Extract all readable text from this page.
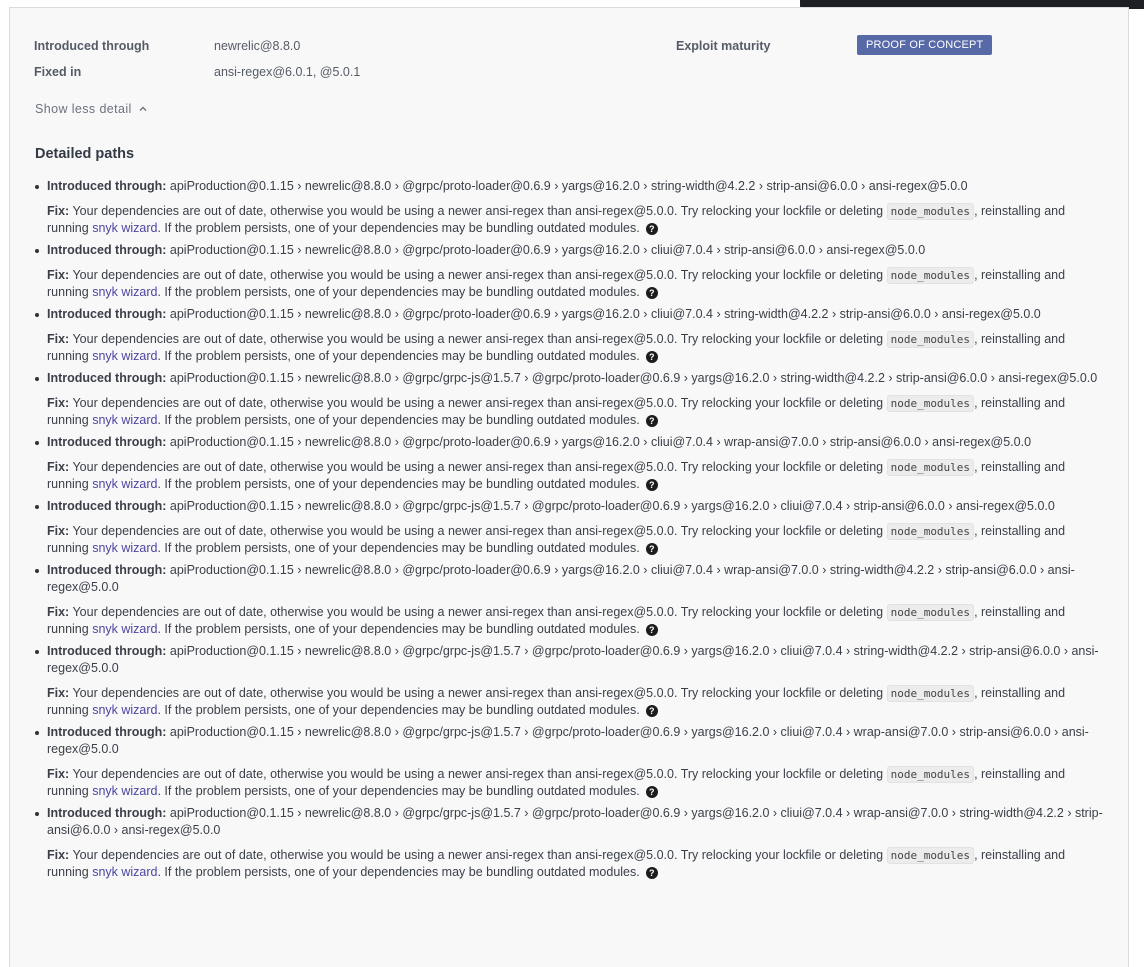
Introduced through	newrelic@8.8.0
Fixed in	ansi-regex@6.0.1, @5.0.1
Exploit maturity	PROOF OF CONCEPT
Show less detail
Detailed paths
Introduced through: apiProduction@0.1.15 › newrelic@8.8.0 › @grpc/proto-loader@0.6.9 › yargs@16.2.0 › string-width@4.2.2 › strip-ansi@6.0.0 › ansi-regex@5.0.0
Fix: Your dependencies are out of date, otherwise you would be using a newer ansi-regex than ansi-regex@5.0.0. Try relocking your lockfile or deleting node_modules , reinstalling and running snyk wizard. If the problem persists, one of your dependencies may be bundling outdated modules. ?
Introduced through: apiProduction@0.1.15 › newrelic@8.8.0 › @grpc/proto-loader@0.6.9 › yargs@16.2.0 › cliui@7.0.4 › strip-ansi@6.0.0 › ansi-regex@5.0.0
Fix: Your dependencies are out of date, otherwise you would be using a newer ansi-regex than ansi-regex@5.0.0. Try relocking your lockfile or deleting node_modules , reinstalling and running snyk wizard. If the problem persists, one of your dependencies may be bundling outdated modules. ?
Introduced through: apiProduction@0.1.15 › newrelic@8.8.0 › @grpc/proto-loader@0.6.9 › yargs@16.2.0 › cliui@7.0.4 › string-width@4.2.2 › strip-ansi@6.0.0 › ansi-regex@5.0.0
Fix: Your dependencies are out of date, otherwise you would be using a newer ansi-regex than ansi-regex@5.0.0. Try relocking your lockfile or deleting node_modules , reinstalling and running snyk wizard. If the problem persists, one of your dependencies may be bundling outdated modules. ?
Introduced through: apiProduction@0.1.15 › newrelic@8.8.0 › @grpc/grpc-js@1.5.7 › @grpc/proto-loader@0.6.9 › yargs@16.2.0 › string-width@4.2.2 › strip-ansi@6.0.0 › ansi-regex@5.0.0
Fix: Your dependencies are out of date, otherwise you would be using a newer ansi-regex than ansi-regex@5.0.0. Try relocking your lockfile or deleting node_modules , reinstalling and running snyk wizard. If the problem persists, one of your dependencies may be bundling outdated modules. ?
Introduced through: apiProduction@0.1.15 › newrelic@8.8.0 › @grpc/proto-loader@0.6.9 › yargs@16.2.0 › cliui@7.0.4 › wrap-ansi@7.0.0 › strip-ansi@6.0.0 › ansi-regex@5.0.0
Fix: Your dependencies are out of date, otherwise you would be using a newer ansi-regex than ansi-regex@5.0.0. Try relocking your lockfile or deleting node_modules , reinstalling and running snyk wizard. If the problem persists, one of your dependencies may be bundling outdated modules. ?
Introduced through: apiProduction@0.1.15 › newrelic@8.8.0 › @grpc/grpc-js@1.5.7 › @grpc/proto-loader@0.6.9 › yargs@16.2.0 › cliui@7.0.4 › strip-ansi@6.0.0 › ansi-regex@5.0.0
Fix: Your dependencies are out of date, otherwise you would be using a newer ansi-regex than ansi-regex@5.0.0. Try relocking your lockfile or deleting node_modules , reinstalling and running snyk wizard. If the problem persists, one of your dependencies may be bundling outdated modules. ?
Introduced through: apiProduction@0.1.15 › newrelic@8.8.0 › @grpc/proto-loader@0.6.9 › yargs@16.2.0 › cliui@7.0.4 › wrap-ansi@7.0.0 › string-width@4.2.2 › strip-ansi@6.0.0 › ansi-regex@5.0.0
Fix: Your dependencies are out of date, otherwise you would be using a newer ansi-regex than ansi-regex@5.0.0. Try relocking your lockfile or deleting node_modules , reinstalling and running snyk wizard. If the problem persists, one of your dependencies may be bundling outdated modules. ?
Introduced through: apiProduction@0.1.15 › newrelic@8.8.0 › @grpc/grpc-js@1.5.7 › @grpc/proto-loader@0.6.9 › yargs@16.2.0 › cliui@7.0.4 › string-width@4.2.2 › strip-ansi@6.0.0 › ansi-regex@5.0.0
Fix: Your dependencies are out of date, otherwise you would be using a newer ansi-regex than ansi-regex@5.0.0. Try relocking your lockfile or deleting node_modules , reinstalling and running snyk wizard. If the problem persists, one of your dependencies may be bundling outdated modules. ?
Introduced through: apiProduction@0.1.15 › newrelic@8.8.0 › @grpc/grpc-js@1.5.7 › @grpc/proto-loader@0.6.9 › yargs@16.2.0 › cliui@7.0.4 › wrap-ansi@7.0.0 › strip-ansi@6.0.0 › ansi-regex@5.0.0
Fix: Your dependencies are out of date, otherwise you would be using a newer ansi-regex than ansi-regex@5.0.0. Try relocking your lockfile or deleting node_modules , reinstalling and running snyk wizard. If the problem persists, one of your dependencies may be bundling outdated modules. ?
Introduced through: apiProduction@0.1.15 › newrelic@8.8.0 › @grpc/grpc-js@1.5.7 › @grpc/proto-loader@0.6.9 › yargs@16.2.0 › cliui@7.0.4 › wrap-ansi@7.0.0 › string-width@4.2.2 › strip-ansi@6.0.0 › ansi-regex@5.0.0
Fix: Your dependencies are out of date, otherwise you would be using a newer ansi-regex than ansi-regex@5.0.0. Try relocking your lockfile or deleting node_modules , reinstalling and running snyk wizard. If the problem persists, one of your dependencies may be bundling outdated modules. ?
